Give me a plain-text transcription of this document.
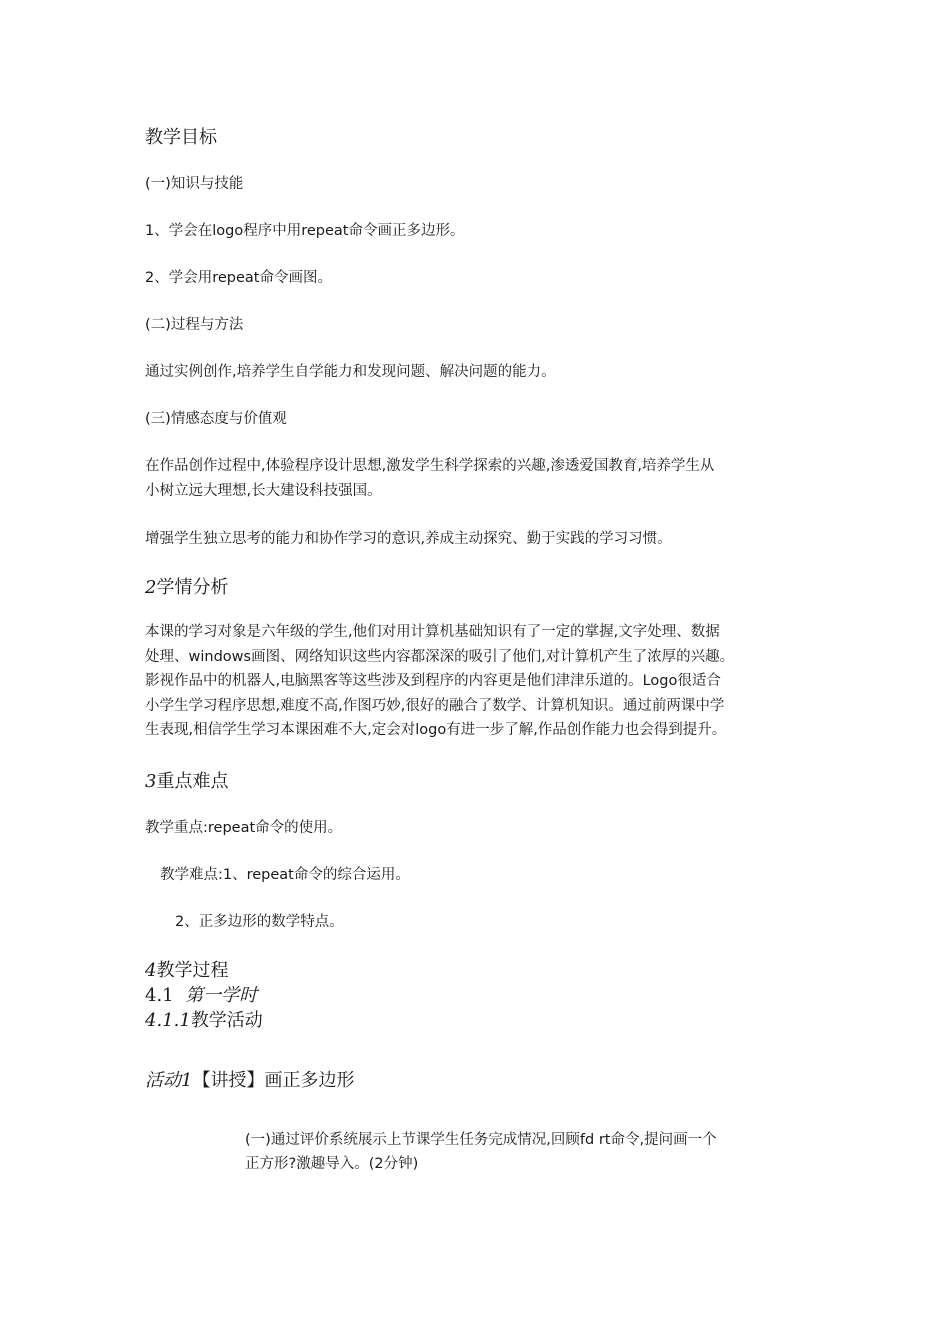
教学目标

(一)知识与技能

1、学会在logo程序中用repeat命令画正多边形。

2、学会用repeat命令画图。

(二)过程与方法

通过实例创作,培养学生自学能力和发现问题、解决问题的能力。

(三)情感态度与价值观

在作品创作过程中,体验程序设计思想,激发学生科学探索的兴趣,渗透爱国教育,培养学生从
小树立远大理想,长大建设科技强国。

增强学生独立思考的能力和协作学习的意识,养成主动探究、勤于实践的学习习惯。

2学情分析

本课的学习对象是六年级的学生,他们对用计算机基础知识有了一定的掌握,文字处理、数据
处理、windows画图、网络知识这些内容都深深的吸引了他们,对计算机产生了浓厚的兴趣。
影视作品中的机器人,电脑黑客等这些涉及到程序的内容更是他们津津乐道的。Logo很适合
小学生学习程序思想,难度不高,作图巧妙,很好的融合了数学、计算机知识。通过前两课中学
生表现,相信学生学习本课困难不大,定会对logo有进一步了解,作品创作能力也会得到提升。

3重点难点

教学重点:repeat命令的使用。

教学难点:1、repeat命令的综合运用。

2、正多边形的数学特点。

4教学过程
4.1 第一学时
4.1.1教学活动
活动1【讲授】画正多边形

(一)通过评价系统展示上节课学生任务完成情况,回顾fd rt命令,提问画一个
正方形?激趣导入。(2分钟)
